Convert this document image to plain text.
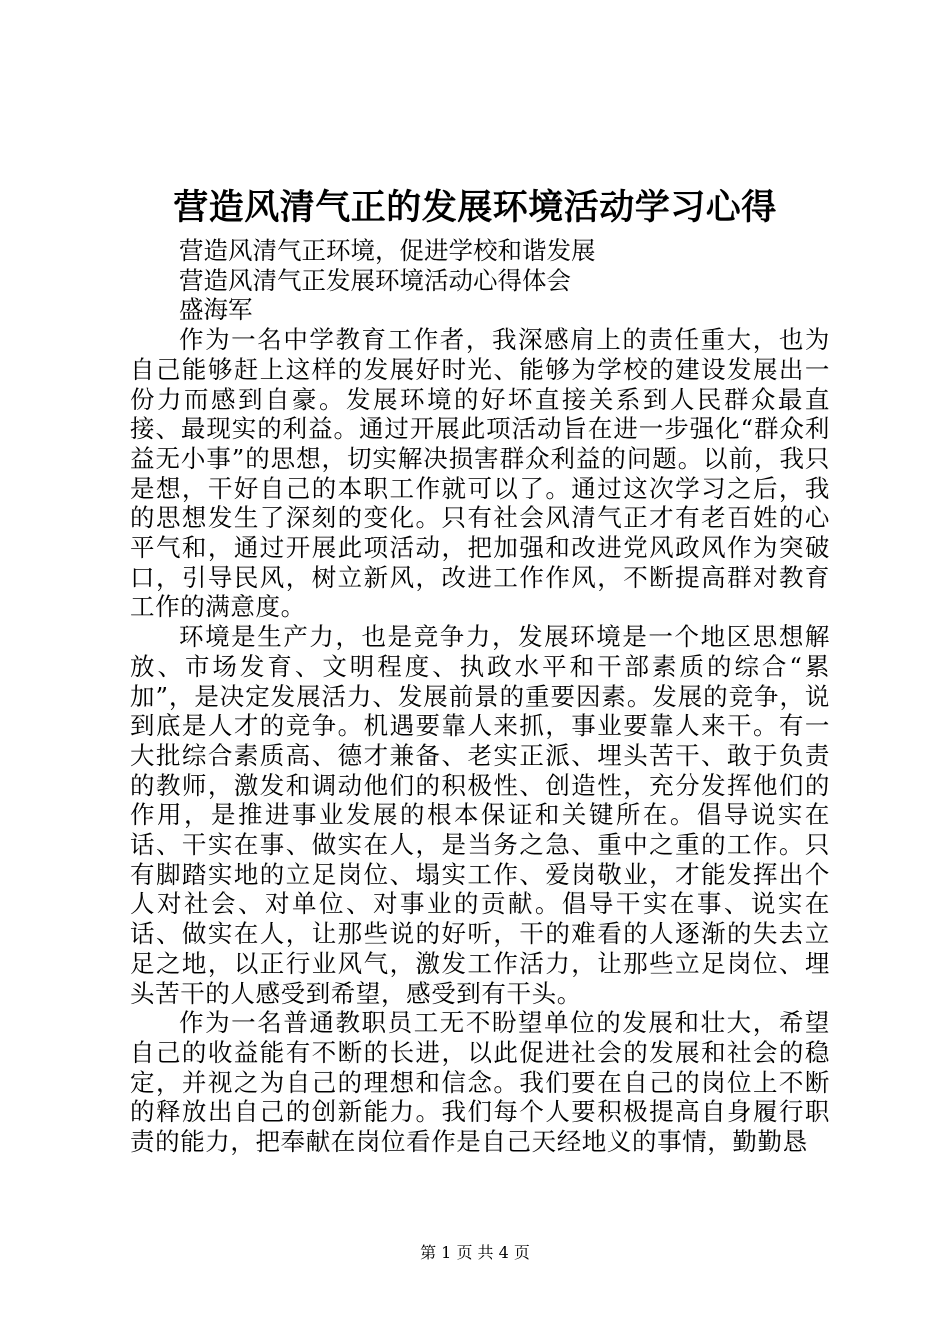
营造风清气正的发展环境活动学习心得

营造风清气正环境，促进学校和谐发展

营造风清气正发展环境活动心得体会

盛海军

作为一名中学教育工作者，我深感肩上的责任重大，也为自己能够赶上这样的发展好时光、能够为学校的建设发展出一份力而感到自豪。发展环境的好坏直接关系到人民群众最直接、最现实的利益。通过开展此项活动旨在进一步强化“群众利益无小事”的思想，切实解决损害群众利益的问题。以前，我只是想，干好自己的本职工作就可以了。通过这次学习之后，我的思想发生了深刻的变化。只有社会风清气正才有老百姓的心平气和，通过开展此项活动，把加强和改进党风政风作为突破口，引导民风，树立新风，改进工作作风，不断提高群对教育工作的满意度。

环境是生产力，也是竞争力，发展环境是一个地区思想解放、市场发育、文明程度、执政水平和干部素质的综合“累加”，是决定发展活力、发展前景的重要因素。发展的竞争，说到底是人才的竞争。机遇要靠人来抓，事业要靠人来干。有一大批综合素质高、德才兼备、老实正派、埋头苦干、敢于负责的教师，激发和调动他们的积极性、创造性，充分发挥他们的作用，是推进事业发展的根本保证和关键所在。倡导说实在话、干实在事、做实在人，是当务之急、重中之重的工作。只有脚踏实地的立足岗位、塌实工作、爱岗敬业，才能发挥出个人对社会、对单位、对事业的贡献。倡导干实在事、说实在话、做实在人，让那些说的好听，干的难看的人逐渐的失去立足之地，以正行业风气，激发工作活力，让那些立足岗位、埋头苦干的人感受到希望，感受到有干头。

作为一名普通教职员工无不盼望单位的发展和壮大，希望自己的收益能有不断的长进，以此促进社会的发展和社会的稳定，并视之为自己的理想和信念。我们要在自己的岗位上不断的释放出自己的创新能力。我们每个人要积极提高自身履行职责的能力，把奉献在岗位看作是自己天经地义的事情，勤勤恳

第 1 页 共 4 页
